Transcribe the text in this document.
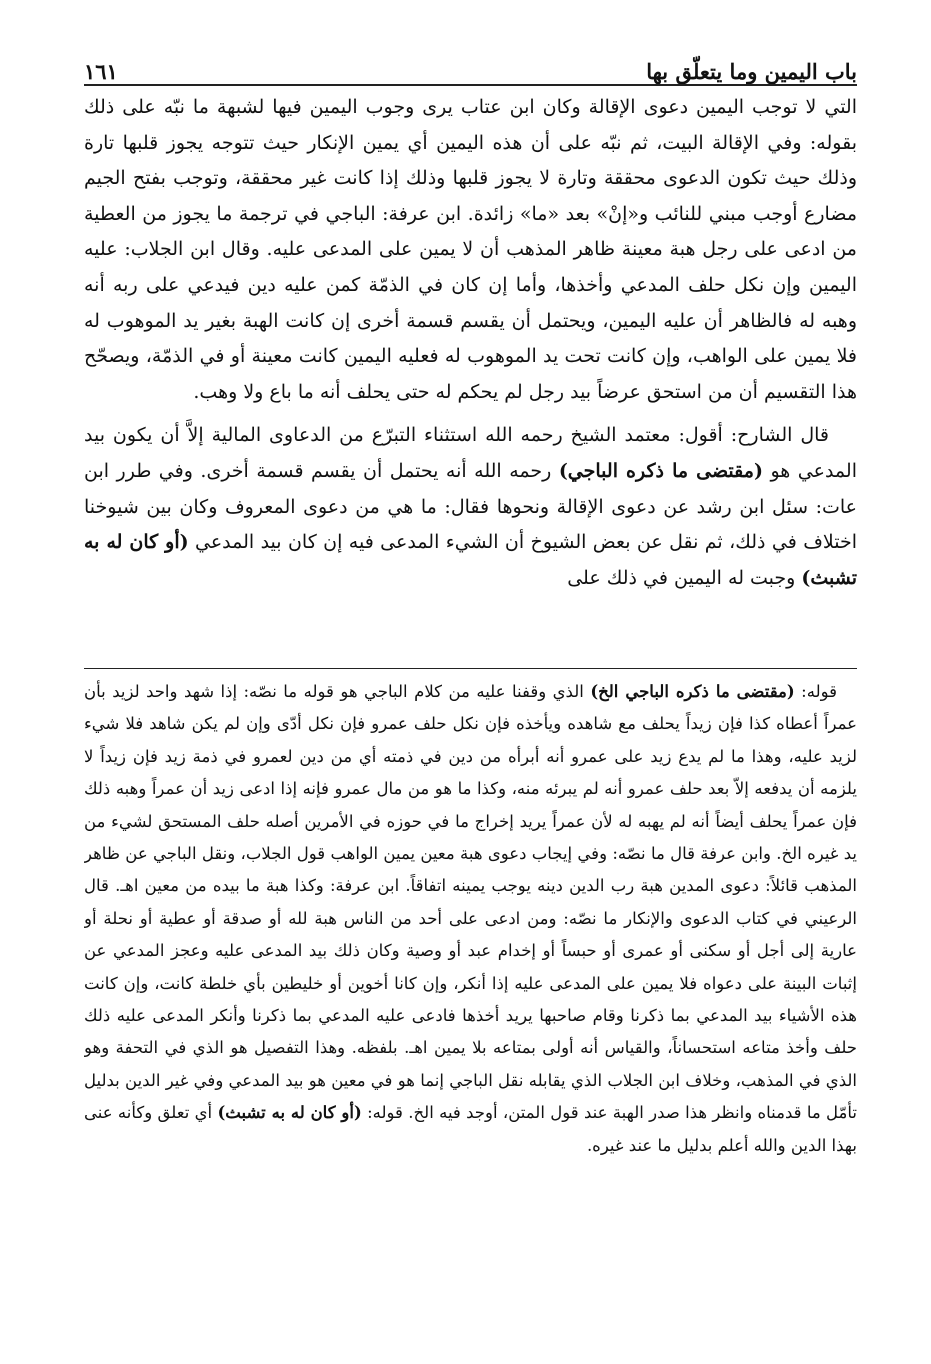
باب اليمين وما يتعلّق بها
١٦١

التي لا توجب اليمين دعوى الإقالة وكان ابن عتاب يرى وجوب اليمين فيها لشبهة ما نبّه على ذلك بقوله: وفي الإقالة البيت، ثم نبّه على أن هذه اليمين أي يمين الإنكار حيث تتوجه يجوز قلبها تارة وذلك حيث تكون الدعوى محققة وتارة لا يجوز قلبها وذلك إذا كانت غير محققة، وتوجب بفتح الجيم مضارع أوجب مبني للنائب و«إنْ» بعد «ما» زائدة. ابن عرفة: الباجي في ترجمة ما يجوز من العطية من ادعى على رجل هبة معينة ظاهر المذهب أن لا يمين على المدعى عليه. وقال ابن الجلاب: عليه اليمين وإن نكل حلف المدعي وأخذها، وأما إن كان في الذمّة كمن عليه دين فيدعي على ربه أنه وهبه له فالظاهر أن عليه اليمين، ويحتمل أن يقسم قسمة أخرى إن كانت الهبة بغير يد الموهوب له فلا يمين على الواهب، وإن كانت تحت يد الموهوب له فعليه اليمين كانت معينة أو في الذمّة، ويصحّح هذا التقسيم أن من استحق عرضاً بيد رجل لم يحكم له حتى يحلف أنه ما باع ولا وهب.

قال الشارح: أقول: معتمد الشيخ رحمه الله استثناء التبرّع من الدعاوى المالية إلاَّ أن يكون بيد المدعي هو (مقتضى ما ذكره الباجي) رحمه الله أنه يحتمل أن يقسم قسمة أخرى. وفي طرر ابن عات: سئل ابن رشد عن دعوى الإقالة ونحوها فقال: ما هي من دعوى المعروف وكان بين شيوخنا اختلاف في ذلك، ثم نقل عن بعض الشيوخ أن الشيء المدعى فيه إن كان بيد المدعي (أو كان له به تشبث) وجبت له اليمين في ذلك على

قوله: (مقتضى ما ذكره الباجي الخ) الذي وقفنا عليه من كلام الباجي هو قوله ما نصّه: إذا شهد واحد لزيد بأن عمراً أعطاه كذا فإن زيداً يحلف مع شاهده ويأخذه فإن نكل حلف عمرو فإن نكل أدّى وإن لم يكن شاهد فلا شيء لزيد عليه، وهذا ما لم يدع زيد على عمرو أنه أبرأه من دين في ذمته أي من دين لعمرو في ذمة زيد فإن زيداً لا يلزمه أن يدفعه إلاّ بعد حلف عمرو أنه لم يبرئه منه، وكذا ما هو من مال عمرو فإنه إذا ادعى زيد أن عمراً وهبه ذلك فإن عمراً يحلف أيضاً أنه لم يهبه له لأن عمراً يريد إخراج ما في حوزه في الأمرين أصله حلف المستحق لشيء من يد غيره الخ. وابن عرفة قال ما نصّه: وفي إيجاب دعوى هبة معين يمين الواهب قول الجلاب، ونقل الباجي عن ظاهر المذهب قائلاً: دعوى المدين هبة رب الدين دينه يوجب يمينه اتفاقاً. ابن عرفة: وكذا هبة ما بيده من معين اهـ. قال الرعيني في كتاب الدعوى والإنكار ما نصّه: ومن ادعى على أحد من الناس هبة لله أو صدقة أو عطية أو نحلة أو عارية إلى أجل أو سكنى أو عمرى أو حبساً أو إخدام عبد أو وصية وكان ذلك بيد المدعى عليه وعجز المدعي عن إثبات البينة على دعواه فلا يمين على المدعى عليه إذا أنكر، وإن كانا أخوين أو خليطين بأي خلطة كانت، وإن كانت هذه الأشياء بيد المدعي بما ذكرنا وقام صاحبها يريد أخذها فادعى عليه المدعي بما ذكرنا وأنكر المدعى عليه ذلك حلف وأخذ متاعه استحساناً، والقياس أنه أولى بمتاعه بلا يمين اهـ. بلفظه. وهذا التفصيل هو الذي في التحفة وهو الذي في المذهب، وخلاف ابن الجلاب الذي يقابله نقل الباجي إنما هو في معين هو بيد المدعي وفي غير الدين بدليل تأمّل ما قدمناه وانظر هذا صدر الهبة عند قول المتن، أوجد فيه الخ. قوله: (أو كان له به تشبث) أي تعلق وكأنه عنى بهذا الدين والله أعلم بدليل ما عند غيره.
